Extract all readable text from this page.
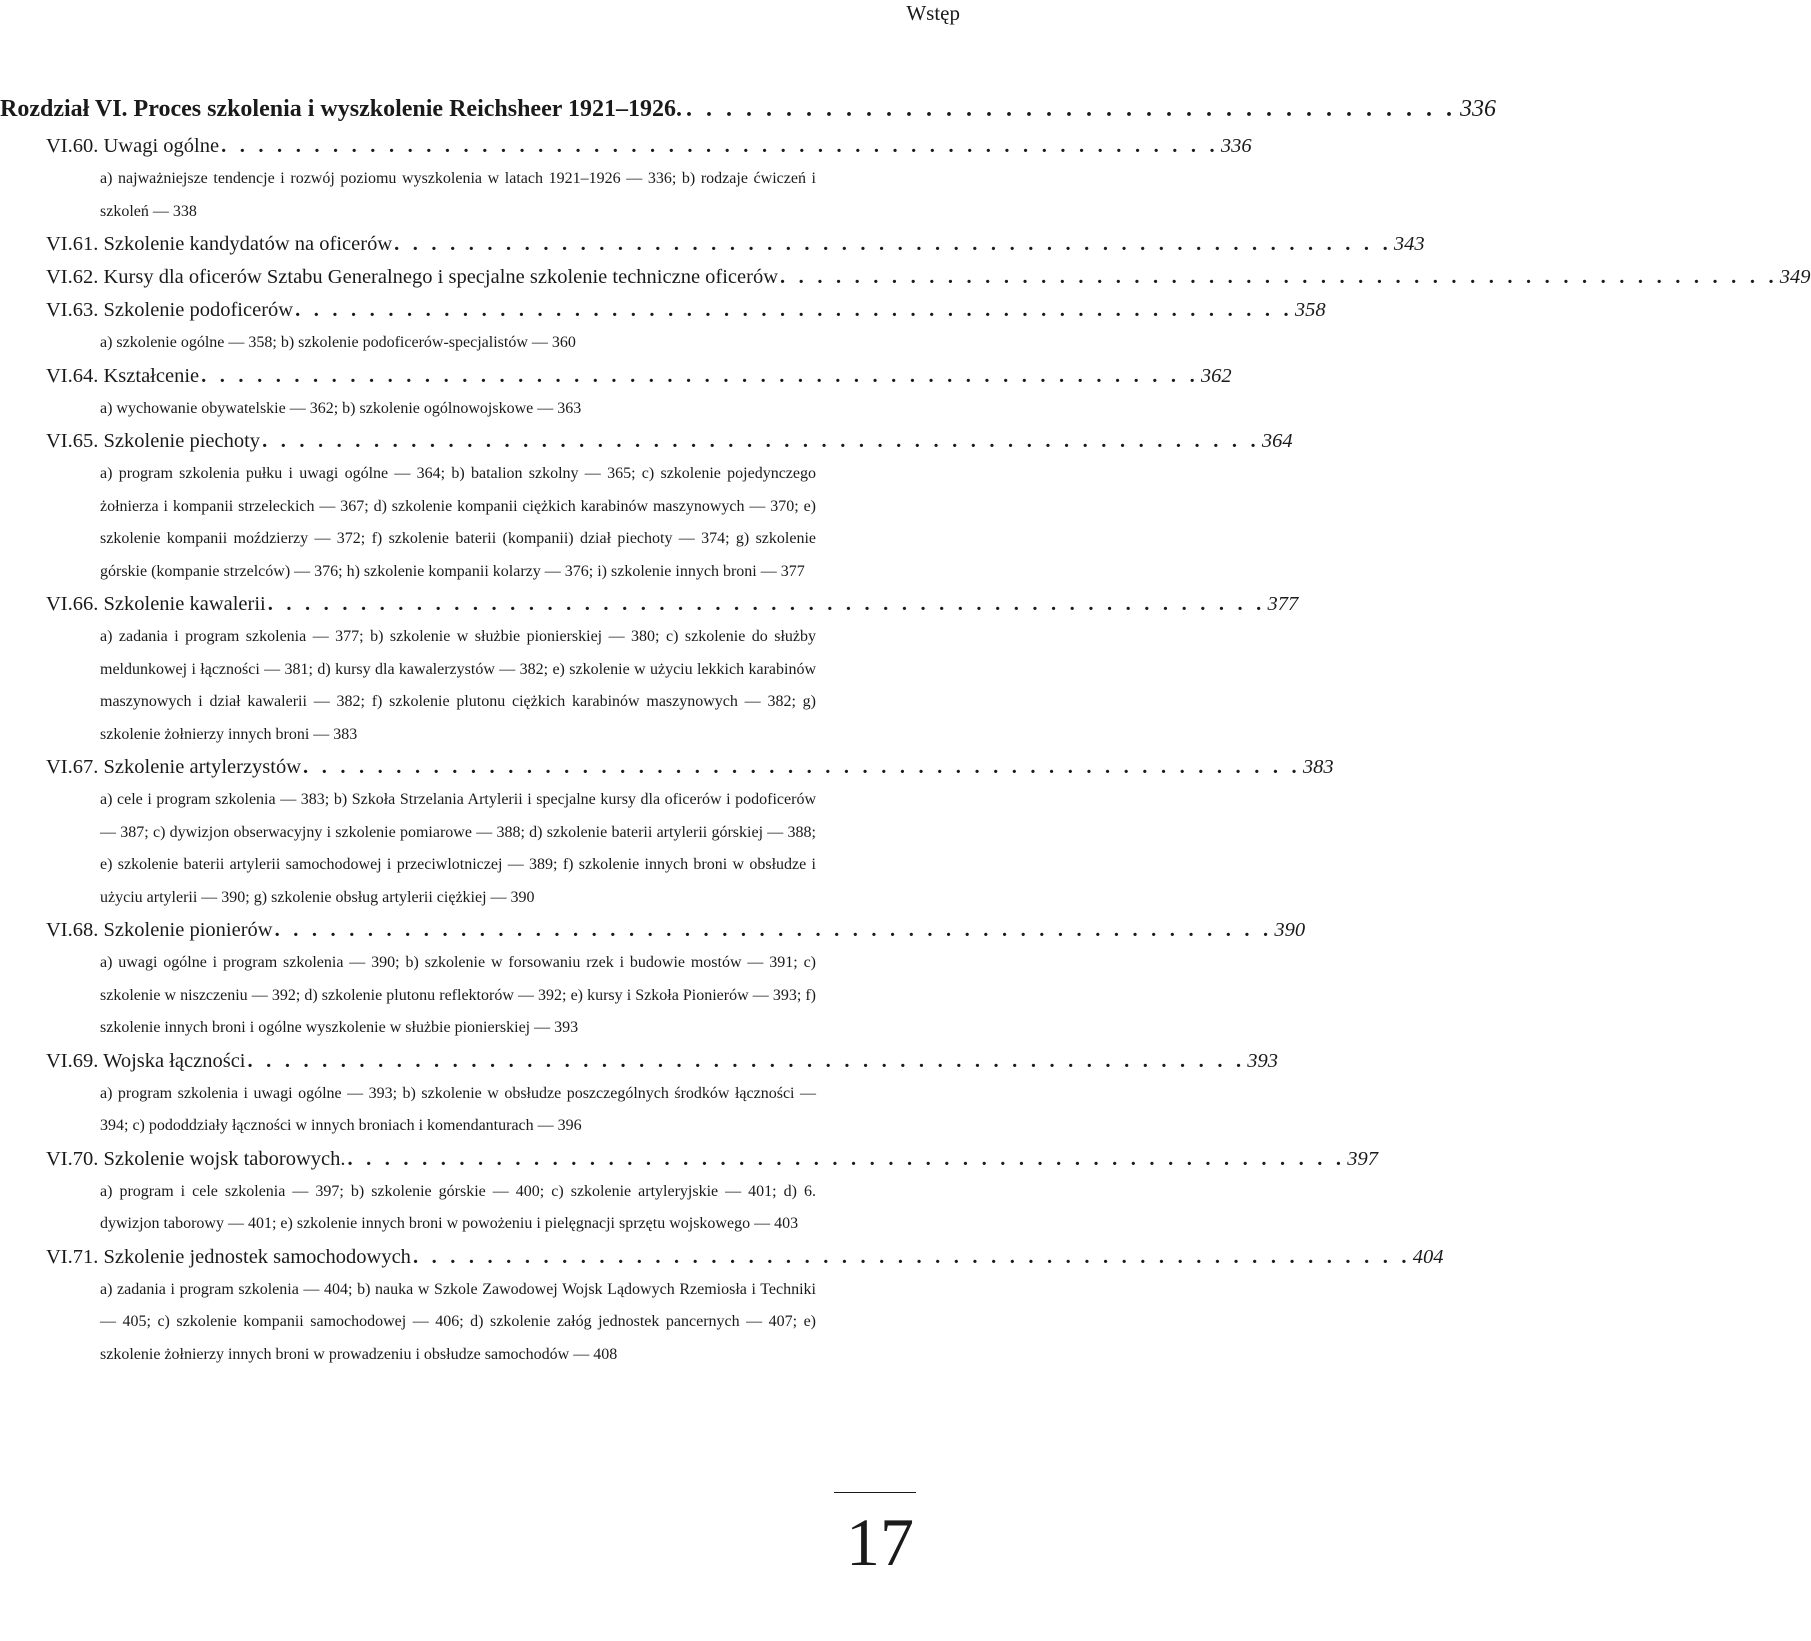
Wstęp
Rozdział VI. Proces szkolenia i wyszkolenie Reichsheer 1921–1926. . . . . . . . . . . . . . . . . . . . . . . . . . . . . . . . . . . . . . . . 336
VI.60. Uwagi ogólne . . . . . . . . . . . . . . . . . . . . . . . . . . . . . . . . . . . . . . . . . . . . . . . . . . . . . . 336
a) najważniejsze tendencje i rozwój poziomu wyszkolenia w latach 1921–1926 — 336; b) rodzaje ćwiczeń i szkoleń — 338
VI.61. Szkolenie kandydatów na oficerów . . . . . . . . . . . . . . . . . . . . . . . . . . . . . . . . . . . . . . . . . . . . . . . . . . . . . . 343
VI.62. Kursy dla oficerów Sztabu Generalnego i specjalne szkolenie techniczne oficerów . . . . . . . . . . . . . . . . . . . . . . . . . . . . . . . . . . . . . . . . . . . . . . . . . . . . . . 349
VI.63. Szkolenie podoficerów . . . . . . . . . . . . . . . . . . . . . . . . . . . . . . . . . . . . . . . . . . . . . . . . . . . . . . 358
a) szkolenie ogólne — 358; b) szkolenie podoficerów-specjalistów — 360
VI.64. Kształcenie . . . . . . . . . . . . . . . . . . . . . . . . . . . . . . . . . . . . . . . . . . . . . . . . . . . . . . 362
a) wychowanie obywatelskie — 362; b) szkolenie ogólnowojskowe — 363
VI.65. Szkolenie piechoty . . . . . . . . . . . . . . . . . . . . . . . . . . . . . . . . . . . . . . . . . . . . . . . . . . . . . . 364
a) program szkolenia pułku i uwagi ogólne — 364; b) batalion szkolny — 365; c) szkolenie pojedynczego żołnierza i kompanii strzeleckich — 367; d) szkolenie kompanii ciężkich karabinów maszynowych — 370; e) szkolenie kompanii moździerzy — 372; f) szkolenie baterii (kompanii) dział piechoty — 374; g) szkolenie górskie (kompanie strzelców) — 376; h) szkolenie kompanii kolarzy — 376; i) szkolenie innych broni — 377
VI.66. Szkolenie kawalerii . . . . . . . . . . . . . . . . . . . . . . . . . . . . . . . . . . . . . . . . . . . . . . . . . . . . . . 377
a) zadania i program szkolenia — 377; b) szkolenie w służbie pionierskiej — 380; c) szkolenie do służby meldunkowej i łączności — 381; d) kursy dla kawalerzystów — 382; e) szkolenie w użyciu lekkich karabinów maszynowych i dział kawalerii — 382; f) szkolenie plutonu ciężkich karabinów maszynowych — 382; g) szkolenie żołnierzy innych broni — 383
VI.67. Szkolenie artylerzystów . . . . . . . . . . . . . . . . . . . . . . . . . . . . . . . . . . . . . . . . . . . . . . . . . . . . . . 383
a) cele i program szkolenia — 383; b) Szkoła Strzelania Artylerii i specjalne kursy dla oficerów i podoficerów — 387; c) dywizjon obserwacyjny i szkolenie pomiarowe — 388; d) szkolenie baterii artylerii górskiej — 388; e) szkolenie baterii artylerii samochodowej i przeciwlotniczej — 389; f) szkolenie innych broni w obsłudze i użyciu artylerii — 390; g) szkolenie obsług artylerii ciężkiej — 390
VI.68. Szkolenie pionierów . . . . . . . . . . . . . . . . . . . . . . . . . . . . . . . . . . . . . . . . . . . . . . . . . . . . . . 390
a) uwagi ogólne i program szkolenia — 390; b) szkolenie w forsowaniu rzek i budowie mostów — 391; c) szkolenie w niszczeniu — 392; d) szkolenie plutonu reflektorów — 392; e) kursy i Szkoła Pionierów — 393; f) szkolenie innych broni i ogólne wyszkolenie w służbie pionierskiej — 393
VI.69. Wojska łączności . . . . . . . . . . . . . . . . . . . . . . . . . . . . . . . . . . . . . . . . . . . . . . . . . . . . . . 393
a) program szkolenia i uwagi ogólne — 393; b) szkolenie w obsłudze poszczególnych środków łączności — 394; c) pododdziały łączności w innych broniach i komendanturach — 396
VI.70. Szkolenie wojsk taborowych. . . . . . . . . . . . . . . . . . . . . . . . . . . . . . . . . . . . . . . . . . . . . . . . . . . . . . . 397
a) program i cele szkolenia — 397; b) szkolenie górskie — 400; c) szkolenie artyleryjskie — 401; d) 6. dywizjon taborowy — 401; e) szkolenie innych broni w powożeniu i pielęgnacji sprzętu wojskowego — 403
VI.71. Szkolenie jednostek samochodowych . . . . . . . . . . . . . . . . . . . . . . . . . . . . . . . . . . . . . . . . . . . . . . . . . . . . . . 404
a) zadania i program szkolenia — 404; b) nauka w Szkole Zawodowej Wojsk Lądowych Rzemiosła i Techniki — 405; c) szkolenie kompanii samochodowej — 406; d) szkolenie załóg jednostek pancernych — 407; e) szkolenie żołnierzy innych broni w prowadzeniu i obsłudze samochodów — 408
17
